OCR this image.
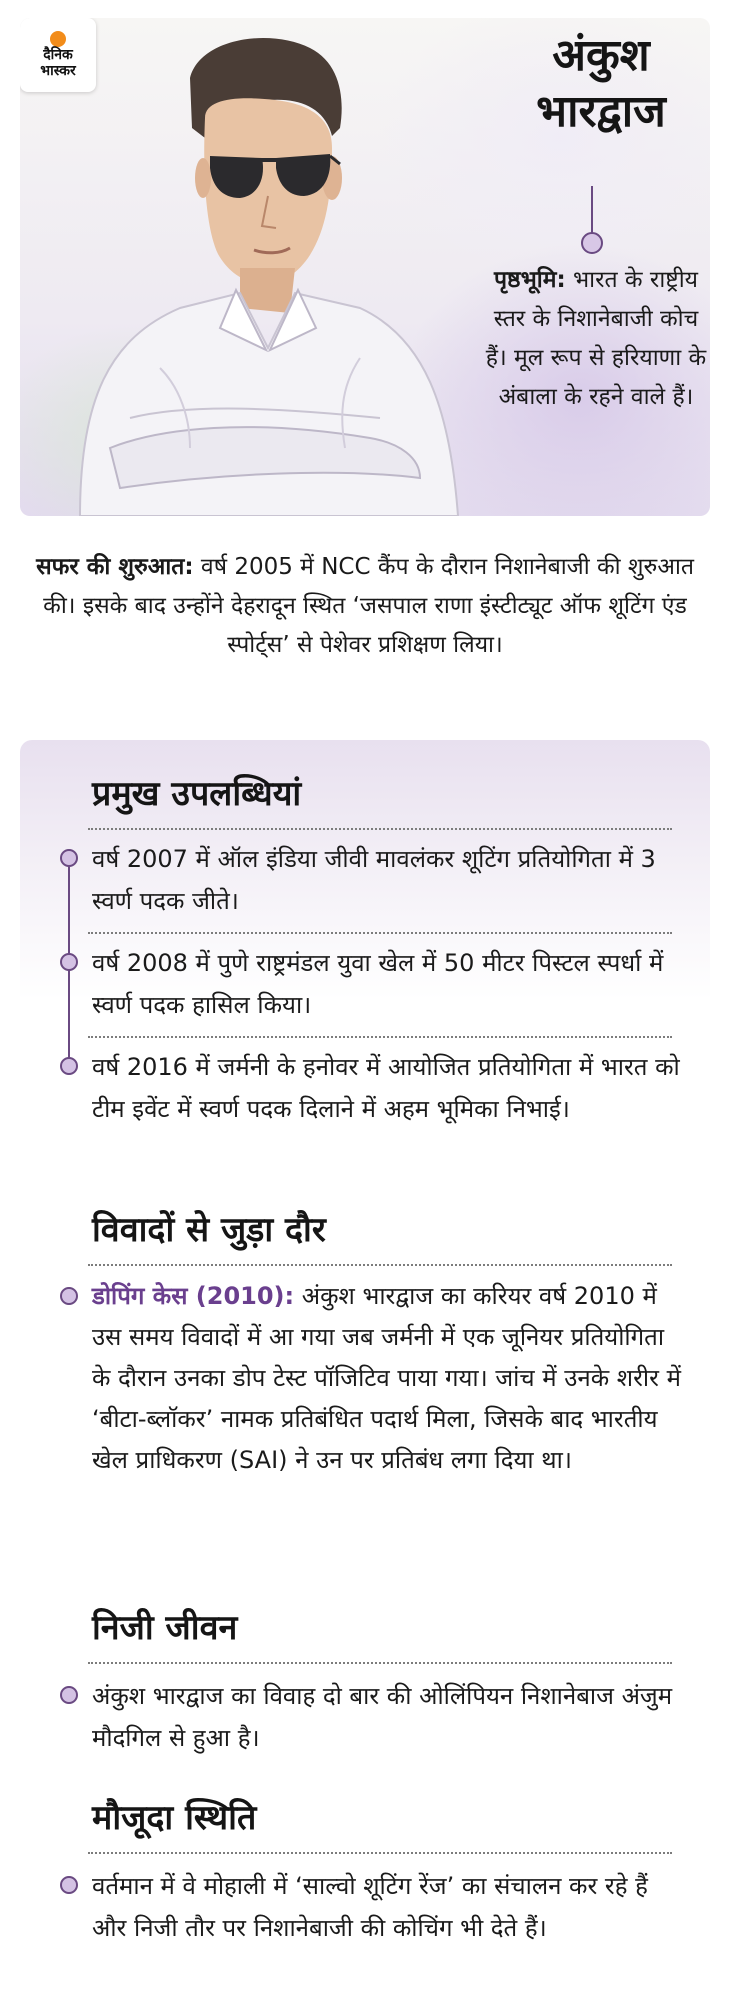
दैनिक
भास्कर	अंकुश
भारद्वाज
पृष्ठभूमि: भारत के राष्ट्रीय स्तर के निशानेबाजी कोच हैं। मूल रूप से हरियाणा के अंबाला के रहने वाले हैं।
सफर की शुरुआत: वर्ष 2005 में NCC कैंप के दौरान निशानेबाजी की शुरुआत की। इसके बाद उन्होंने देहरादून स्थित ‘जसपाल राणा इंस्टीट्यूट ऑफ शूटिंग एंड स्पोर्ट्स’ से पेशेवर प्रशिक्षण लिया।
प्रमुख उपलब्धियां
वर्ष 2007 में ऑल इंडिया जीवी मावलंकर शूटिंग प्रतियोगिता में 3 स्वर्ण पदक जीते।
वर्ष 2008 में पुणे राष्ट्रमंडल युवा खेल में 50 मीटर पिस्टल स्पर्धा में स्वर्ण पदक हासिल किया।
वर्ष 2016 में जर्मनी के हनोवर में आयोजित प्रतियोगिता में भारत को टीम इवेंट में स्वर्ण पदक दिलाने में अहम भूमिका निभाई।
विवादों से जुड़ा दौर
डोपिंग केस (2010): अंकुश भारद्वाज का करियर वर्ष 2010 में उस समय विवादों में आ गया जब जर्मनी में एक जूनियर प्रतियोगिता के दौरान उनका डोप टेस्ट पॉजिटिव पाया गया। जांच में उनके शरीर में ‘बीटा-ब्लॉकर’ नामक प्रतिबंधित पदार्थ मिला, जिसके बाद भारतीय खेल प्राधिकरण (SAI) ने उन पर प्रतिबंध लगा दिया था।
निजी जीवन
अंकुश भारद्वाज का विवाह दो बार की ओलिंपियन निशानेबाज अंजुम मौदगिल से हुआ है।
मौजूदा स्थिति
वर्तमान में वे मोहाली में ‘साल्वो शूटिंग रेंज’ का संचालन कर रहे हैं और निजी तौर पर निशानेबाजी की कोचिंग भी देते हैं।
